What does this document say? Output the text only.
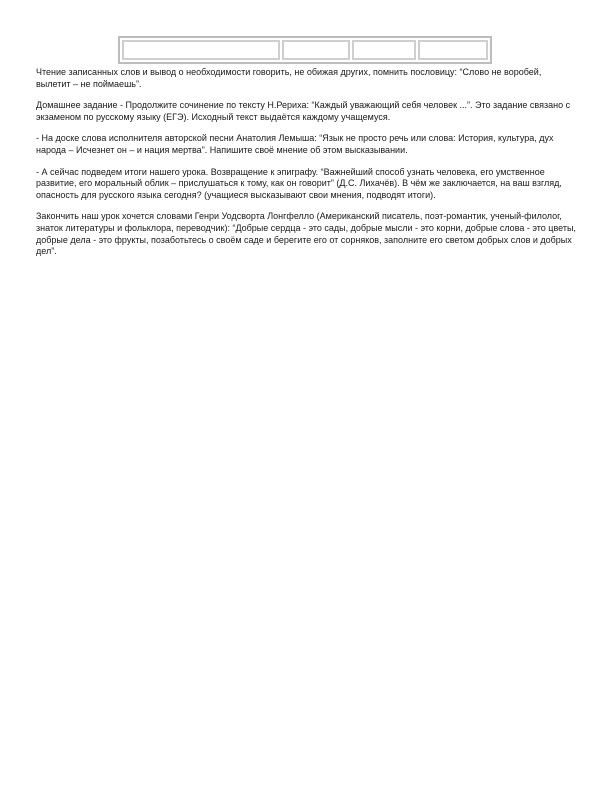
Чтение записанных слов и вывод о необходимости говорить, не обижая других, помнить пословицу: “Слово не воробей, вылетит – не поймаешь”.

Домашнее задание - Продолжите сочинение по тексту Н.Рериха: “Каждый уважающий себя человек ...”. Это задание связано с экзаменом по русскому языку (ЕГЭ). Исходный текст выдаётся каждому учащемуся.

- На доске слова исполнителя авторской песни Анатолия Лемыша: “Язык не просто речь или слова: История, культура, дух народа – Исчезнет он – и нация мертва”. Напишите своё мнение об этом высказывании.

- А сейчас подведем итоги нашего урока. Возвращение к эпиграфу. “Важнейший способ узнать человека, его умственное развитие, его моральный облик – прислушаться к тому, как он говорит” (Д.С. Лихачёв). В чём же заключается, на ваш взгляд, опасность для русского языка сегодня? (учащиеся высказывают свои мнения, подводят итоги).

Закончить наш урок хочется словами Генри Уодсворта Лонгфелло (Американский писатель, поэт-романтик, ученый-филолог, знаток литературы и фольклора, переводчик): “Добрые сердца - это сады, добрые мысли - это корни, добрые слова - это цветы, добрые дела - это фрукты, позаботьтесь о своём саде и берегите его от сорняков, заполните его светом добрых слов и добрых дел”.
